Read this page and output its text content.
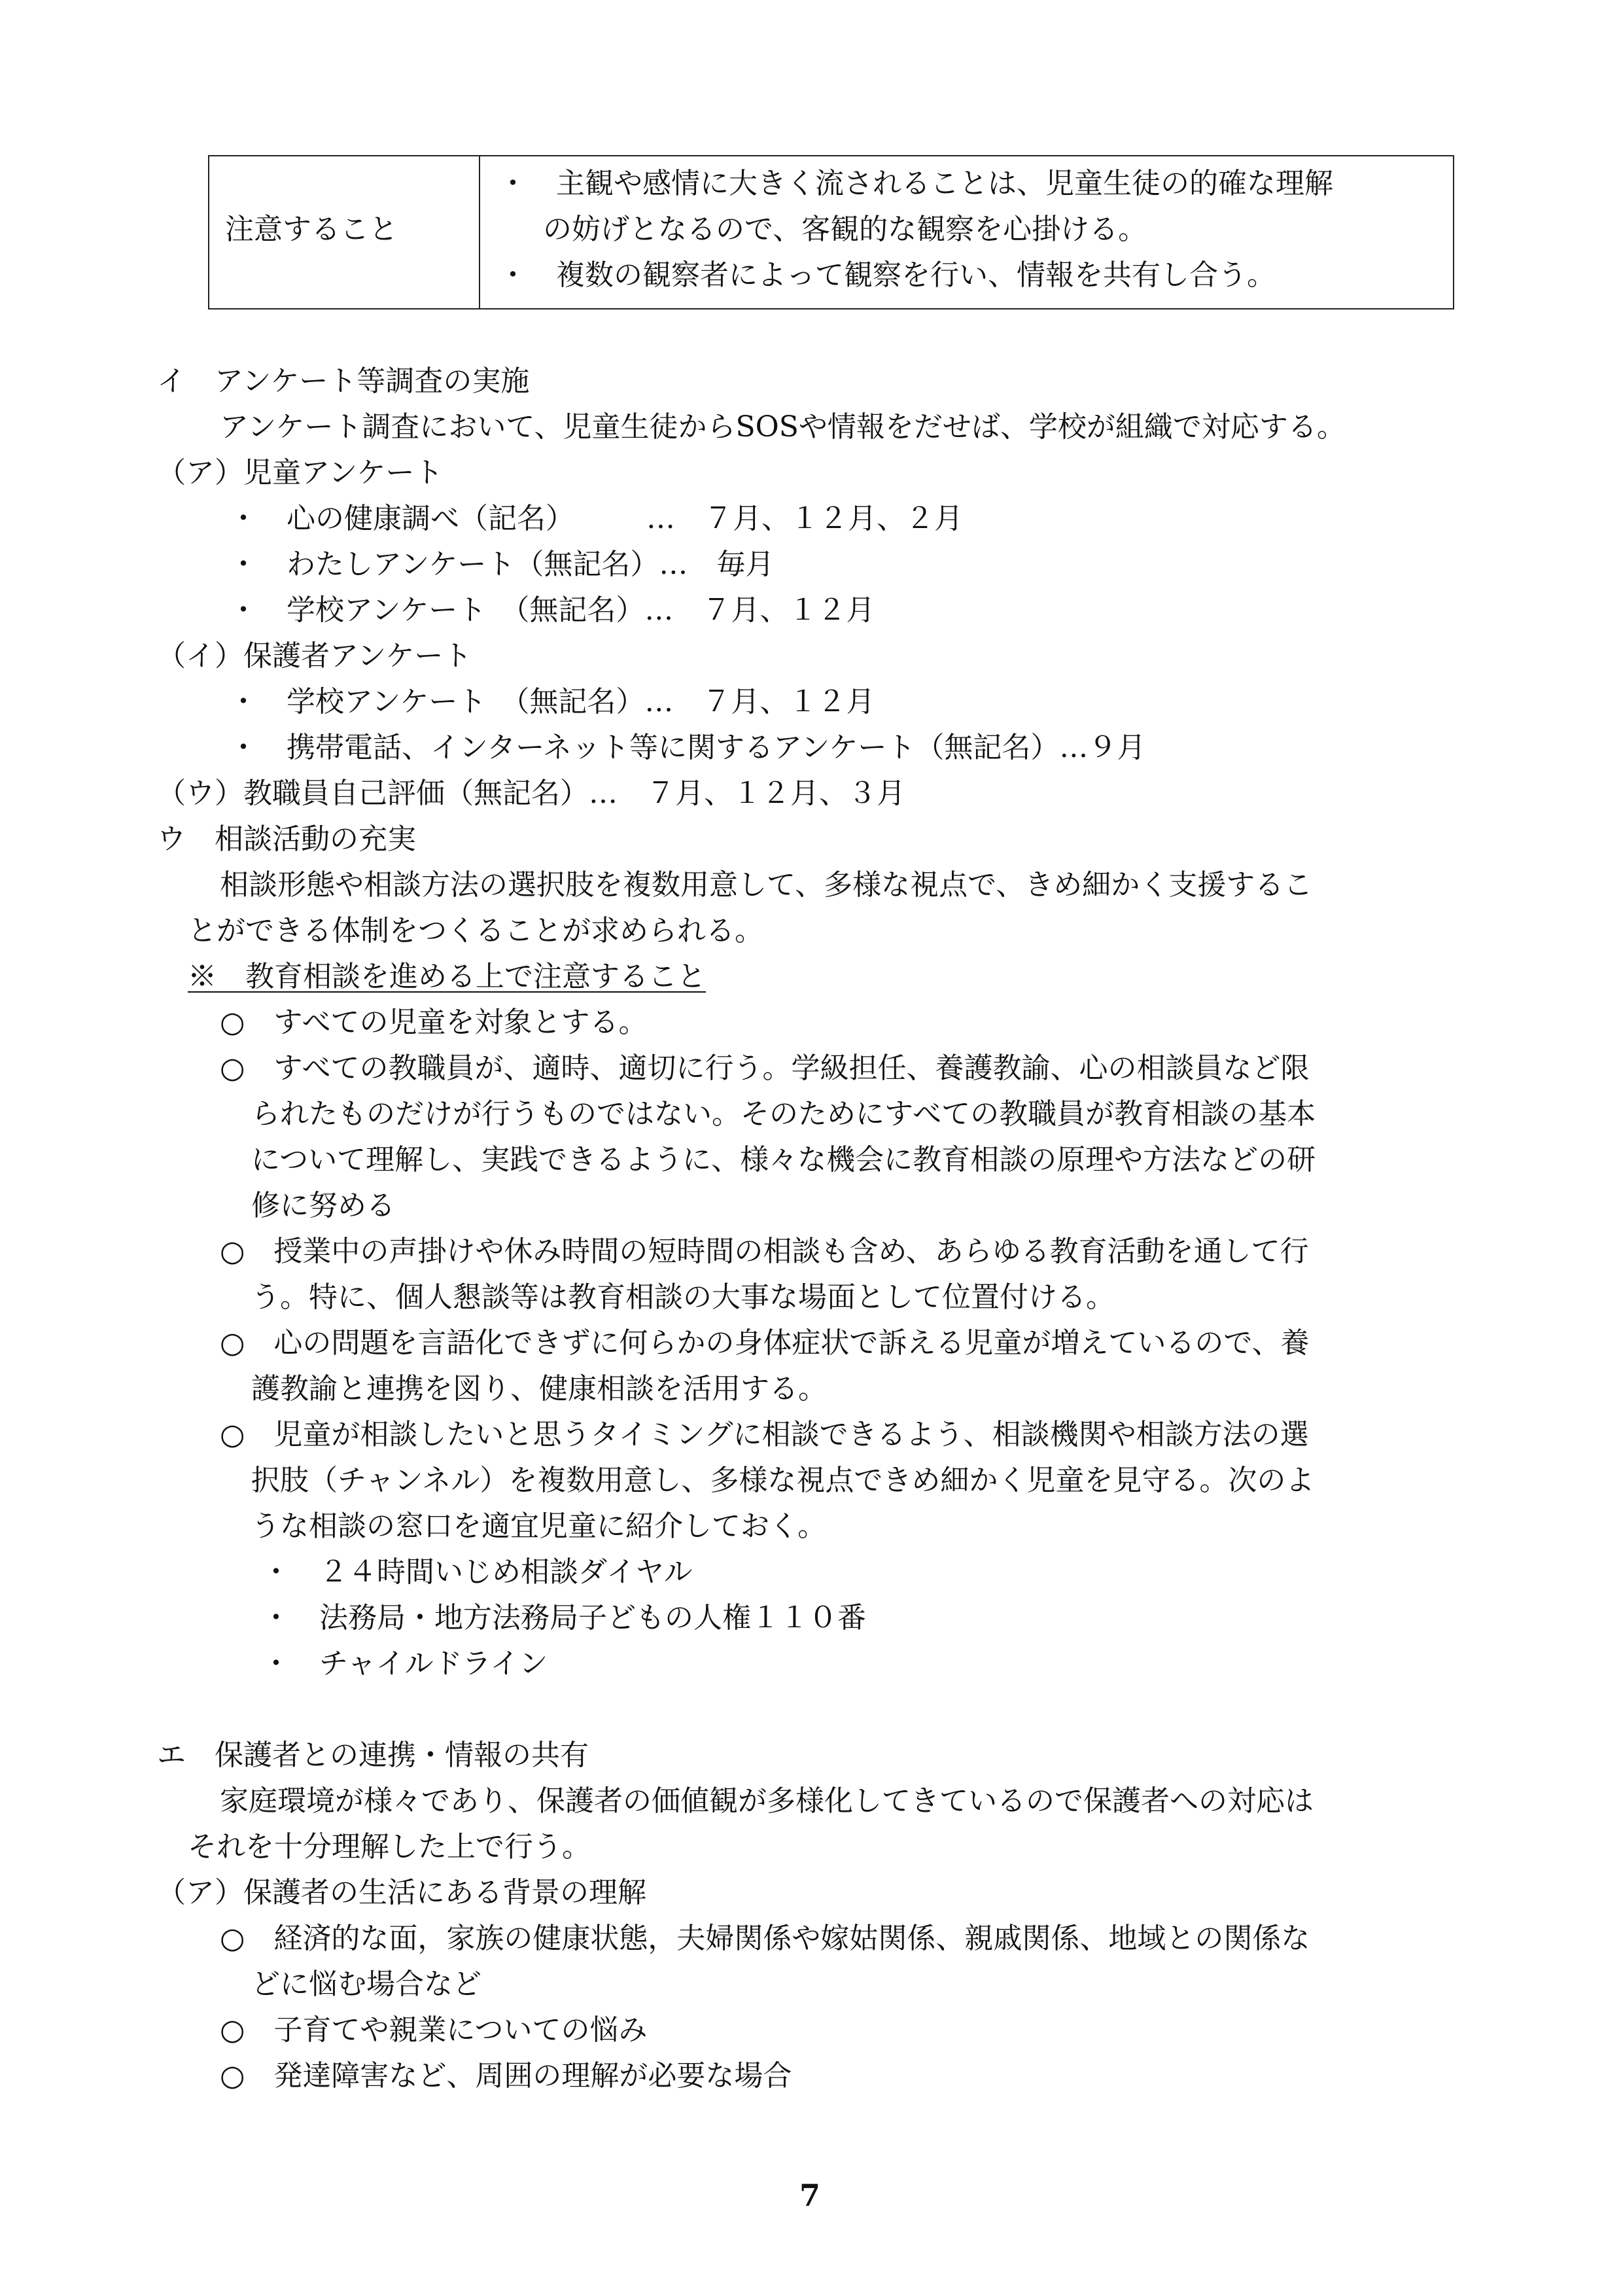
注意すること
・　主観や感情に大きく流されることは、児童生徒の的確な理解
の妨げとなるので、客観的な観察を心掛ける。
・　複数の観察者によって観察を行い、情報を共有し合う。
イ　アンケート等調査の実施
アンケート調査において、児童生徒からSOSや情報をだせば、学校が組織で対応する。
（ア）児童アンケート
・　心の健康調べ（記名）　　　…　７月、１２月、２月
・　わたしアンケート（無記名）…　毎月
・　学校アンケート　（無記名）…　７月、１２月
（イ）保護者アンケート
・　学校アンケート　（無記名）…　７月、１２月
・　携帯電話、インターネット等に関するアンケート（無記名）…９月
（ウ）教職員自己評価（無記名）…　７月、１２月、３月
ウ　相談活動の充実
相談形態や相談方法の選択肢を複数用意して、多様な視点で、きめ細かく支援するこ
とができる体制をつくることが求められる。
※　教育相談を進める上で注意すること
○　すべての児童を対象とする。
○　すべての教職員が、適時、適切に行う。学級担任、養護教諭、心の相談員など限
られたものだけが行うものではない。そのためにすべての教職員が教育相談の基本
について理解し、実践できるように、様々な機会に教育相談の原理や方法などの研
修に努める
○　授業中の声掛けや休み時間の短時間の相談も含め、あらゆる教育活動を通して行
う。特に、個人懇談等は教育相談の大事な場面として位置付ける。
○　心の問題を言語化できずに何らかの身体症状で訴える児童が増えているので、養
護教諭と連携を図り、健康相談を活用する。
○　児童が相談したいと思うタイミングに相談できるよう、相談機関や相談方法の選
択肢（チャンネル）を複数用意し、多様な視点できめ細かく児童を見守る。次のよ
うな相談の窓口を適宜児童に紹介しておく。
・　２４時間いじめ相談ダイヤル
・　法務局・地方法務局子どもの人権１１０番
・　チャイルドライン
エ　保護者との連携・情報の共有
家庭環境が様々であり、保護者の価値観が多様化してきているので保護者への対応は
それを十分理解した上で行う。
（ア）保護者の生活にある背景の理解
○　経済的な面，家族の健康状態，夫婦関係や嫁姑関係、親戚関係、地域との関係な
どに悩む場合など
○　子育てや親業についての悩み
○　発達障害など、周囲の理解が必要な場合
7
